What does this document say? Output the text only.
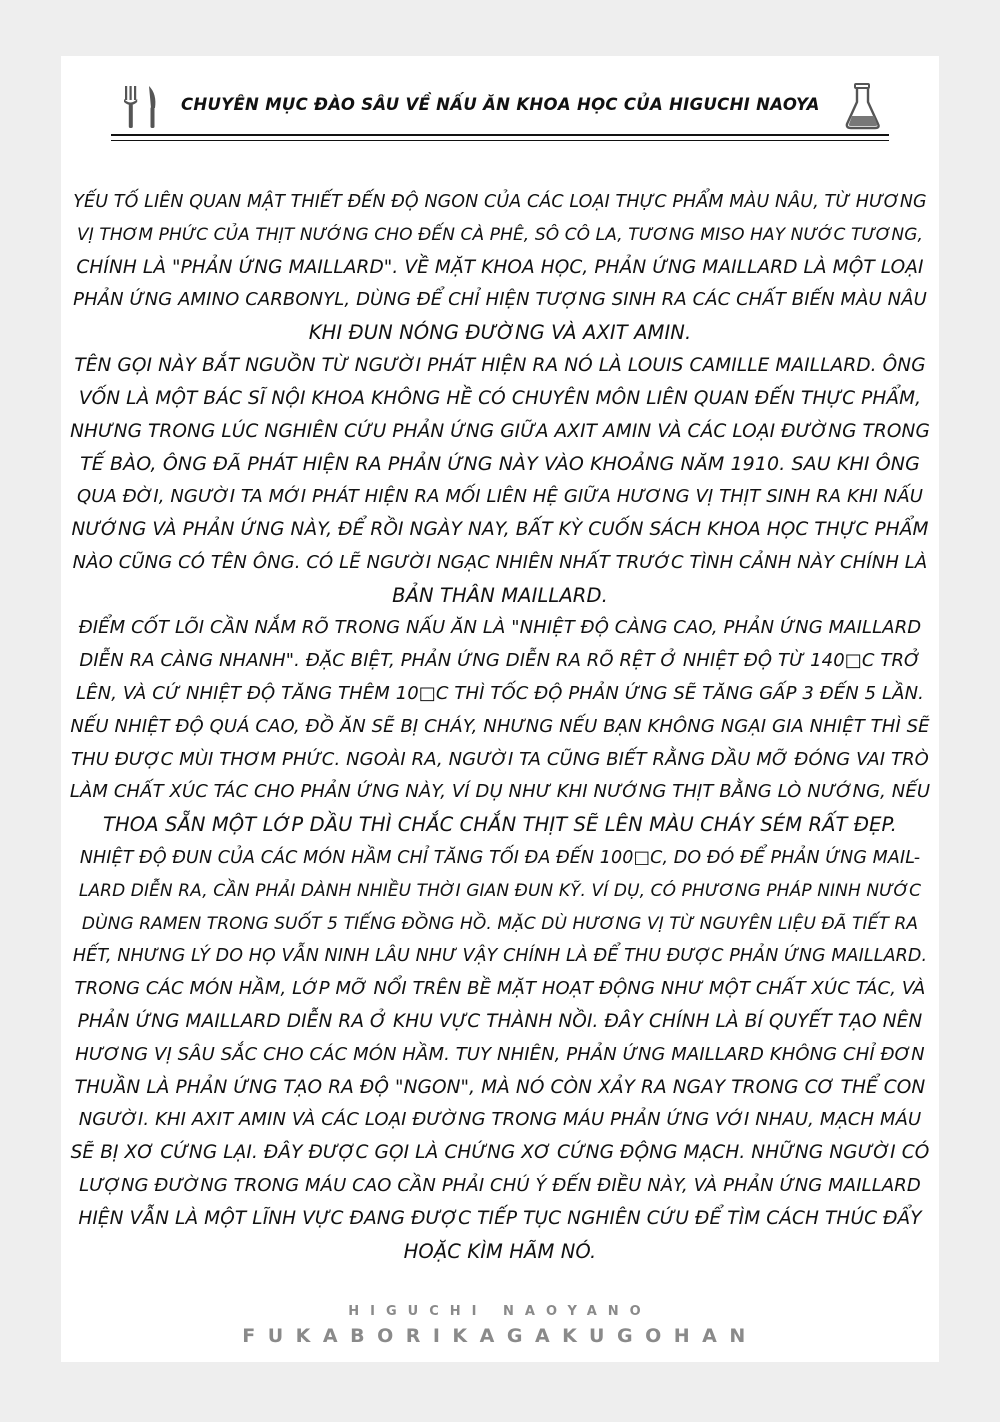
CHUYÊN MỤC ĐÀO SÂU VỀ NẤU ĂN KHOA HỌC CỦA HIGUCHI NAOYA
YẾU TỐ LIÊN QUAN MẬT THIẾT ĐẾN ĐỘ NGON CỦA CÁC LOẠI THỰC PHẨM MÀU NÂU, TỪ HƯƠNG
VỊ THƠM PHỨC CỦA THỊT NƯỚNG CHO ĐẾN CÀ PHÊ, SÔ CÔ LA, TƯƠNG MISO HAY NƯỚC TƯƠNG,
CHÍNH LÀ "PHẢN ỨNG MAILLARD". VỀ MẶT KHOA HỌC, PHẢN ỨNG MAILLARD LÀ MỘT LOẠI
PHẢN ỨNG AMINO CARBONYL, DÙNG ĐỂ CHỈ HIỆN TƯỢNG SINH RA CÁC CHẤT BIẾN MÀU NÂU
KHI ĐUN NÓNG ĐƯỜNG VÀ AXIT AMIN.
TÊN GỌI NÀY BẮT NGUỒN TỪ NGƯỜI PHÁT HIỆN RA NÓ LÀ LOUIS CAMILLE MAILLARD. ÔNG
VỐN LÀ MỘT BÁC SĨ NỘI KHOA KHÔNG HỀ CÓ CHUYÊN MÔN LIÊN QUAN ĐẾN THỰC PHẨM,
NHƯNG TRONG LÚC NGHIÊN CỨU PHẢN ỨNG GIỮA AXIT AMIN VÀ CÁC LOẠI ĐƯỜNG TRONG
TẾ BÀO, ÔNG ĐÃ PHÁT HIỆN RA PHẢN ỨNG NÀY VÀO KHOẢNG NĂM 1910. SAU KHI ÔNG
QUA ĐỜI, NGƯỜI TA MỚI PHÁT HIỆN RA MỐI LIÊN HỆ GIỮA HƯƠNG VỊ THỊT SINH RA KHI NẤU
NƯỚNG VÀ PHẢN ỨNG NÀY, ĐỂ RỒI NGÀY NAY, BẤT KỲ CUỐN SÁCH KHOA HỌC THỰC PHẨM
NÀO CŨNG CÓ TÊN ÔNG. CÓ LẼ NGƯỜI NGẠC NHIÊN NHẤT TRƯỚC TÌNH CẢNH NÀY CHÍNH LÀ
BẢN THÂN MAILLARD.
ĐIỂM CỐT LÕI CẦN NẮM RÕ TRONG NẤU ĂN LÀ "NHIỆT ĐỘ CÀNG CAO, PHẢN ỨNG MAILLARD
DIỄN RA CÀNG NHANH". ĐẶC BIỆT, PHẢN ỨNG DIỄN RA RÕ RỆT Ở NHIỆT ĐỘ TỪ 140□C TRỞ
LÊN, VÀ CỨ NHIỆT ĐỘ TĂNG THÊM 10□C THÌ TỐC ĐỘ PHẢN ỨNG SẼ TĂNG GẤP 3 ĐẾN 5 LẦN.
NẾU NHIỆT ĐỘ QUÁ CAO, ĐỒ ĂN SẼ BỊ CHÁY, NHƯNG NẾU BẠN KHÔNG NGẠI GIA NHIỆT THÌ SẼ
THU ĐƯỢC MÙI THƠM PHỨC. NGOÀI RA, NGƯỜI TA CŨNG BIẾT RẰNG DẦU MỠ ĐÓNG VAI TRÒ
LÀM CHẤT XÚC TÁC CHO PHẢN ỨNG NÀY, VÍ DỤ NHƯ KHI NƯỚNG THỊT BẰNG LÒ NƯỚNG, NẾU
THOA SẴN MỘT LỚP DẦU THÌ CHẮC CHẮN THỊT SẼ LÊN MÀU CHÁY SÉM RẤT ĐẸP.
NHIỆT ĐỘ ĐUN CỦA CÁC MÓN HẦM CHỈ TĂNG TỐI ĐA ĐẾN 100□C, DO ĐÓ ĐỂ PHẢN ỨNG MAIL-
LARD DIỄN RA, CẦN PHẢI DÀNH NHIỀU THỜI GIAN ĐUN KỸ. VÍ DỤ, CÓ PHƯƠNG PHÁP NINH NƯỚC
DÙNG RAMEN TRONG SUỐT 5 TIẾNG ĐỒNG HỒ. MẶC DÙ HƯƠNG VỊ TỪ NGUYÊN LIỆU ĐÃ TIẾT RA
HẾT, NHƯNG LÝ DO HỌ VẪN NINH LÂU NHƯ VẬY CHÍNH LÀ ĐỂ THU ĐƯỢC PHẢN ỨNG MAILLARD.
TRONG CÁC MÓN HẦM, LỚP MỠ NỔI TRÊN BỀ MẶT HOẠT ĐỘNG NHƯ MỘT CHẤT XÚC TÁC, VÀ
PHẢN ỨNG MAILLARD DIỄN RA Ở KHU VỰC THÀNH NỒI. ĐÂY CHÍNH LÀ BÍ QUYẾT TẠO NÊN
HƯƠNG VỊ SÂU SẮC CHO CÁC MÓN HẦM. TUY NHIÊN, PHẢN ỨNG MAILLARD KHÔNG CHỈ ĐƠN
THUẦN LÀ PHẢN ỨNG TẠO RA ĐỘ "NGON", MÀ NÓ CÒN XẢY RA NGAY TRONG CƠ THỂ CON
NGƯỜI. KHI AXIT AMIN VÀ CÁC LOẠI ĐƯỜNG TRONG MÁU PHẢN ỨNG VỚI NHAU, MẠCH MÁU
SẼ BỊ XƠ CỨNG LẠI. ĐÂY ĐƯỢC GỌI LÀ CHỨNG XƠ CỨNG ĐỘNG MẠCH. NHỮNG NGƯỜI CÓ
LƯỢNG ĐƯỜNG TRONG MÁU CAO CẦN PHẢI CHÚ Ý ĐẾN ĐIỀU NÀY, VÀ PHẢN ỨNG MAILLARD
HIỆN VẪN LÀ MỘT LĨNH VỰC ĐANG ĐƯỢC TIẾP TỤC NGHIÊN CỨU ĐỂ TÌM CÁCH THÚC ĐẨY
HOẶC KÌM HÃM NÓ.
HIGUCHI NAOYANO
FUKABORIKAGAKUGOHAN
